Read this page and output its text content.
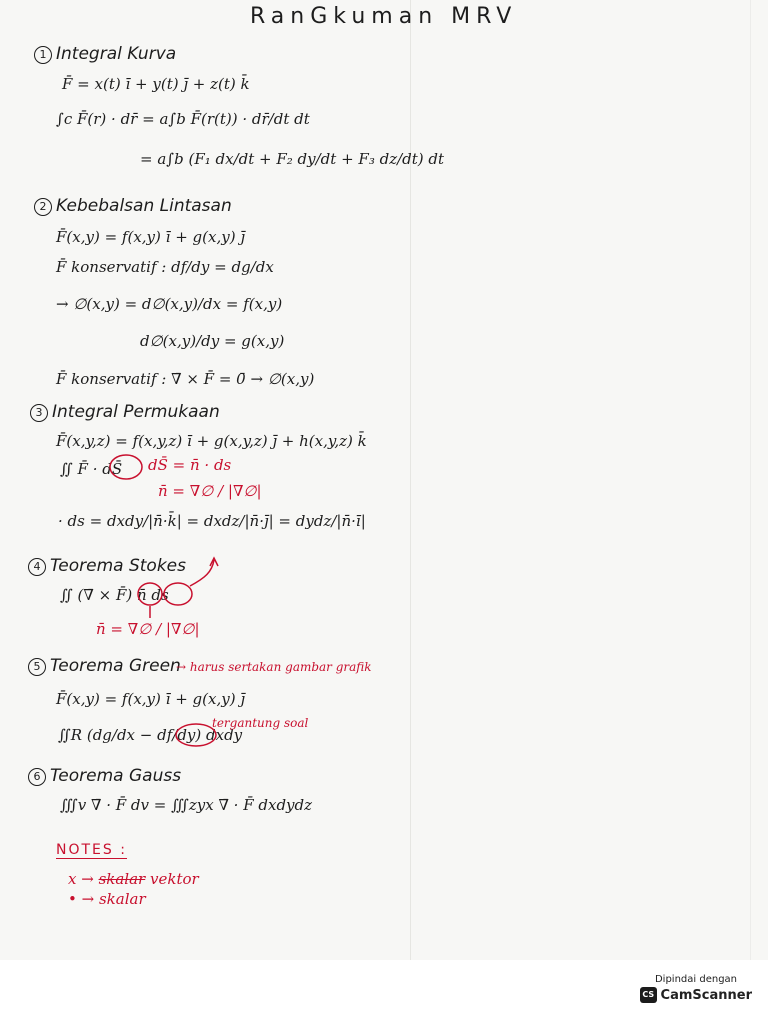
RanGkuman MRV
1 Integral Kurva
F̄ = x(t) ī + y(t) j̄ + z(t) k̄
∫c F̄(r) · dr̄ = a∫b F̄(r(t)) · dr̄/dt dt
= a∫b (F₁ dx/dt + F₂ dy/dt + F₃ dz/dt) dt
2 Kebebalsan Lintasan
F̄(x,y) = f(x,y) ī + g(x,y) j̄
F̄ konservatif : df/dy = dg/dx
→ ∅(x,y) = d∅(x,y)/dx = f(x,y)
d∅(x,y)/dy = g(x,y)
F̄ konservatif : ∇̄ × F̄ = 0̄ → ∅(x,y)
3 Integral Permukaan
F̄(x,y,z) = f(x,y,z) ī + g(x,y,z) j̄ + h(x,y,z) k̄
∬ F̄ · dS̄ dS̄ = n̄ · ds
n̄ = ∇∅ / |∇∅|
· ds = dxdy/|n̄·k̄| = dxdz/|n̄·j̄| = dydz/|n̄·ī|
4 Teorema Stokes
∬ (∇̄ × F̄) n̄ ds
n̄ = ∇∅ / |∇∅|
5 Teorema Green
→ harus sertakan gambar grafik
F̄(x,y) = f(x,y) ī + g(x,y) j̄
∬R (dg/dx − df/dy) dxdy
tergantung soal
6 Teorema Gauss
∭v ∇̄ · F̄ dv = ∭zyx ∇̄ · F̄ dxdydz
NOTES :
x → skalar vektor
• → skalar
Dipindai dengan
CS CamScanner
